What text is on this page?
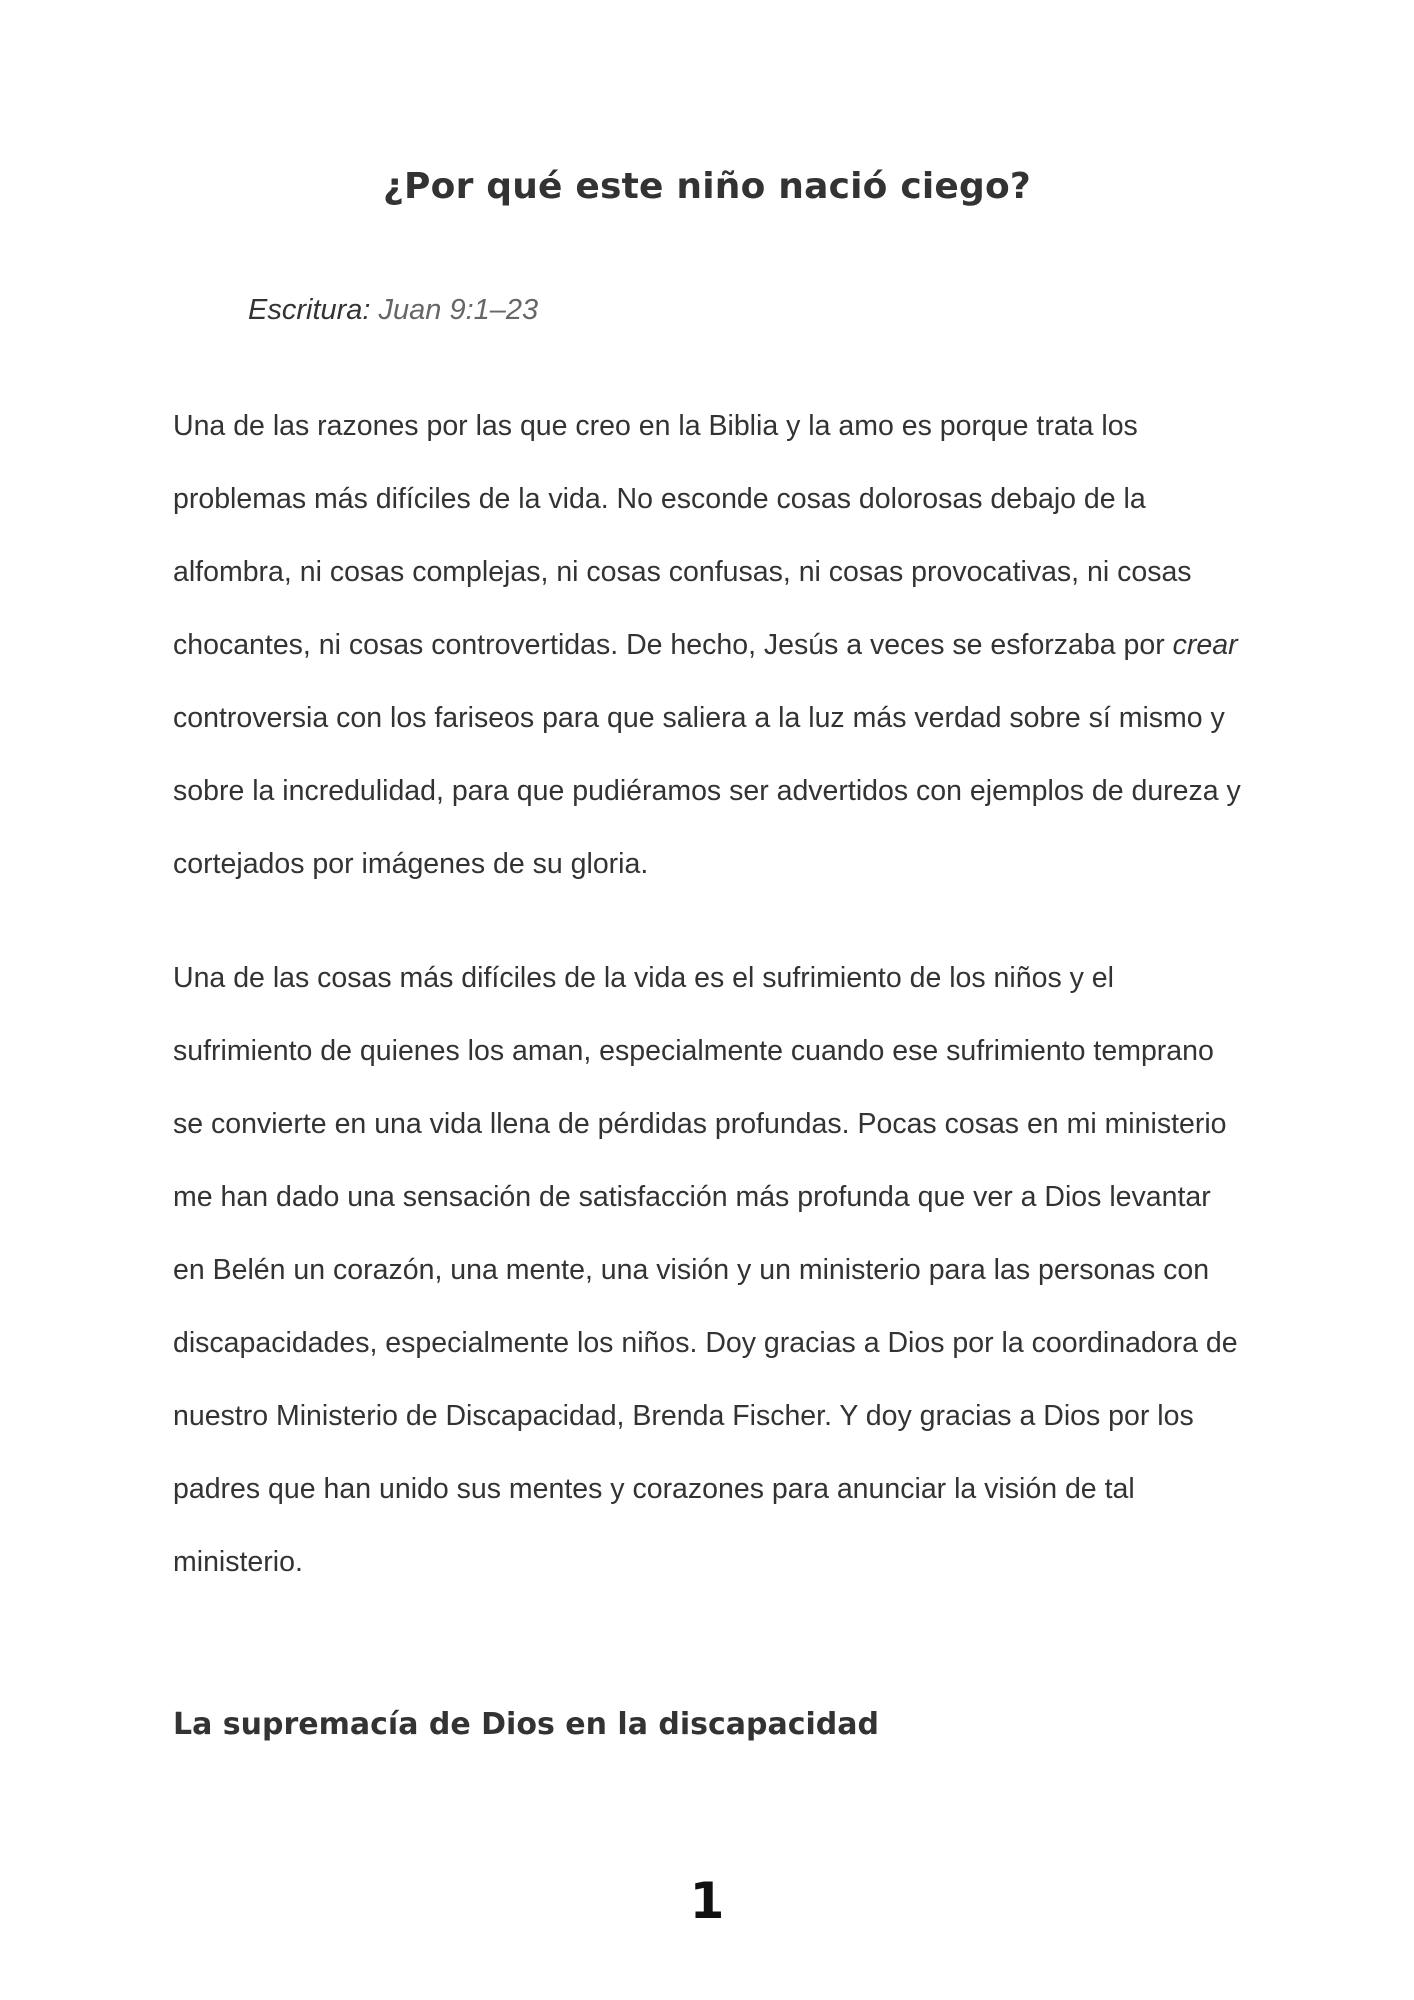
¿Por qué este niño nació ciego?

Escritura: Juan 9:1–23

Una de las razones por las que creo en la Biblia y la amo es porque trata los
problemas más difíciles de la vida. No esconde cosas dolorosas debajo de la
alfombra, ni cosas complejas, ni cosas confusas, ni cosas provocativas, ni cosas
chocantes, ni cosas controvertidas. De hecho, Jesús a veces se esforzaba por crear
controversia con los fariseos para que saliera a la luz más verdad sobre sí mismo y
sobre la incredulidad, para que pudiéramos ser advertidos con ejemplos de dureza y
cortejados por imágenes de su gloria.

Una de las cosas más difíciles de la vida es el sufrimiento de los niños y el
sufrimiento de quienes los aman, especialmente cuando ese sufrimiento temprano
se convierte en una vida llena de pérdidas profundas. Pocas cosas en mi ministerio
me han dado una sensación de satisfacción más profunda que ver a Dios levantar
en Belén un corazón, una mente, una visión y un ministerio para las personas con
discapacidades, especialmente los niños. Doy gracias a Dios por la coordinadora de
nuestro Ministerio de Discapacidad, Brenda Fischer. Y doy gracias a Dios por los
padres que han unido sus mentes y corazones para anunciar la visión de tal
ministerio.

La supremacía de Dios en la discapacidad
1
